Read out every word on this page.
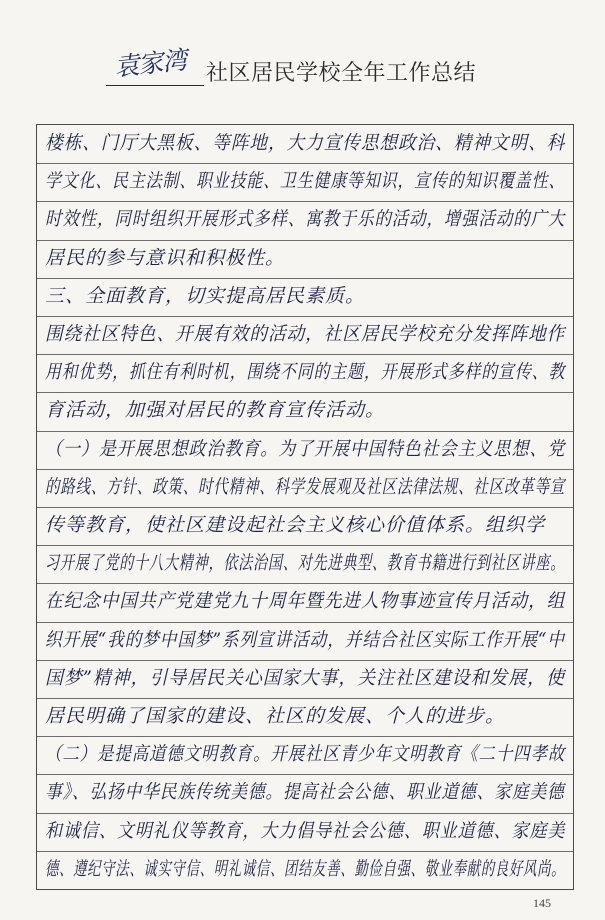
袁家湾 社区居民学校全年工作总结
楼栋、门厅大黑板、等阵地，大力宣传思想政治、精神文明、科
学文化、民主法制、职业技能、卫生健康等知识，宣传的知识覆盖性、
时效性，同时组织开展形式多样、寓教于乐的活动，增强活动的广大
居民的参与意识和积极性。
三、全面教育，切实提高居民素质。
围绕社区特色、开展有效的活动，社区居民学校充分发挥阵地作
用和优势，抓住有利时机，围绕不同的主题，开展形式多样的宣传、教
育活动，加强对居民的教育宣传活动。
（一）是开展思想政治教育。为了开展中国特色社会主义思想、党
的路线、方针、政策、时代精神、科学发展观及社区法律法规、社区改革等宣
传等教育，使社区建设起社会主义核心价值体系。组织学
习开展了党的十八大精神，依法治国、对先进典型、教育书籍进行到社区讲座。
在纪念中国共产党建党九十周年暨先进人物事迹宣传月活动，组
织开展“我的梦中国梦”系列宣讲活动，并结合社区实际工作开展“中
国梦”精神，引导居民关心国家大事，关注社区建设和发展，使
居民明确了国家的建设、社区的发展、个人的进步。
（二）是提高道德文明教育。开展社区青少年文明教育《二十四孝故
事》、弘扬中华民族传统美德。提高社会公德、职业道德、家庭美德
和诚信、文明礼仪等教育，大力倡导社会公德、职业道德、家庭美
德、遵纪守法、诚实守信、明礼诚信、团结友善、勤俭自强、敬业奉献的良好风尚。
145
